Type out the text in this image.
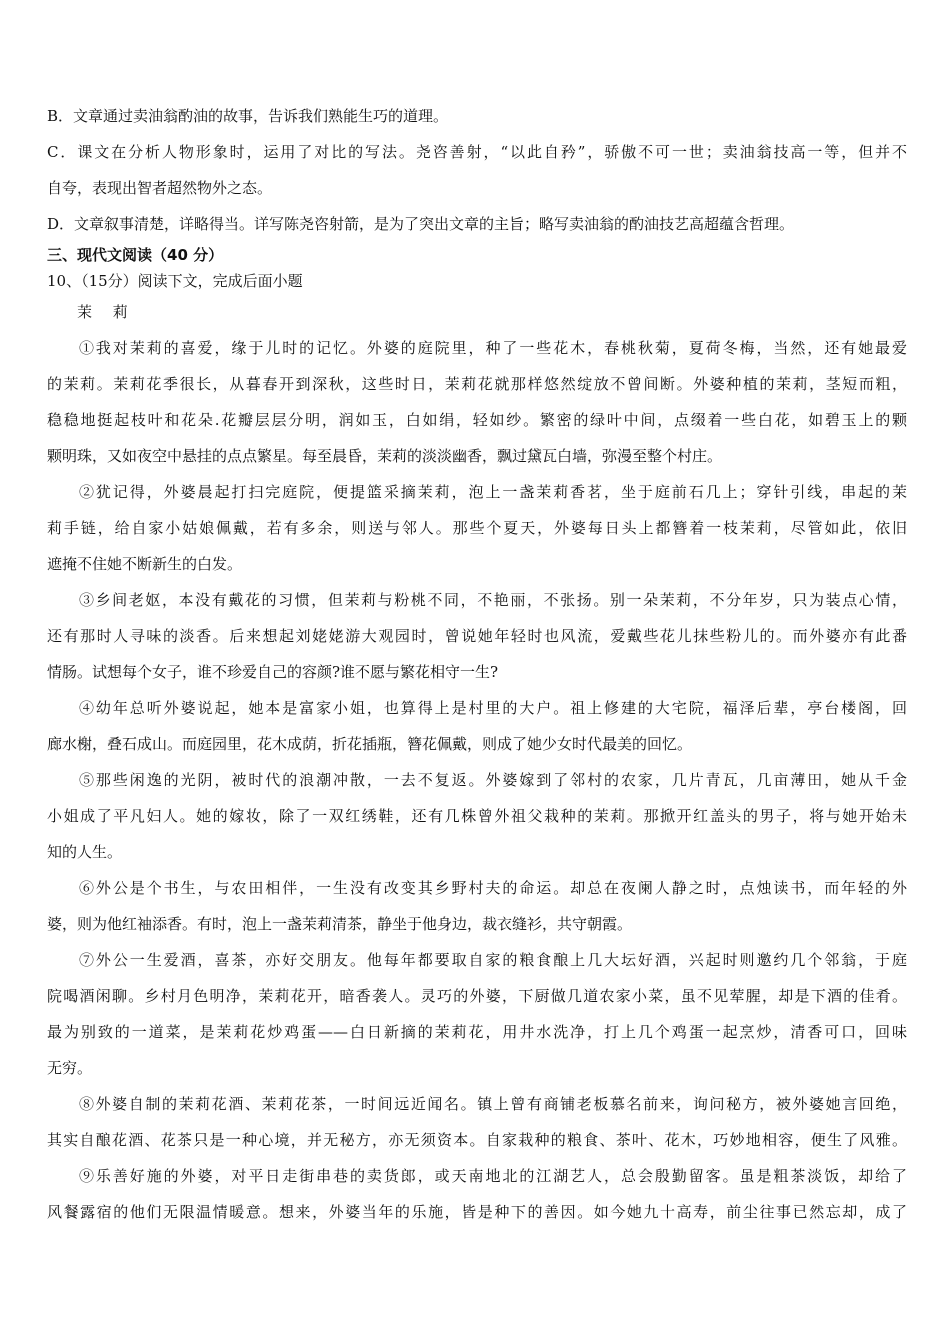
B．文章通过卖油翁酌油的故事，告诉我们熟能生巧的道理。
C．课文在分析人物形象时，运用了对比的写法。尧咨善射，“以此自矜”，骄傲不可一世；卖油翁技高一等，但并不
自夸，表现出智者超然物外之态。
D．文章叙事清楚，详略得当。详写陈尧咨射箭，是为了突出文章的主旨；略写卖油翁的酌油技艺高超蕴含哲理。
三、现代文阅读（40 分）
10、（15分）阅读下文，完成后面小题
茉 莉
①我对茉莉的喜爱，缘于儿时的记忆。外婆的庭院里，种了一些花木，春桃秋菊，夏荷冬梅，当然，还有她最爱
的茉莉。茉莉花季很长，从暮春开到深秋，这些时日，茉莉花就那样悠然绽放不曾间断。外婆种植的茉莉，茎短而粗，
稳稳地挺起枝叶和花朵.花瓣层层分明，润如玉，白如绢，轻如纱。繁密的绿叶中间，点缀着一些白花，如碧玉上的颗
颗明珠，又如夜空中悬挂的点点繁星。每至晨昏，茉莉的淡淡幽香，飘过黛瓦白墙，弥漫至整个村庄。
②犹记得，外婆晨起打扫完庭院，便提篮采摘茉莉，泡上一盏茉莉香茗，坐于庭前石几上；穿针引线，串起的茉
莉手链，给自家小姑娘佩戴，若有多余，则送与邻人。那些个夏天，外婆每日头上都簪着一枝茉莉，尽管如此，依旧
遮掩不住她不断新生的白发。
③乡间老妪，本没有戴花的习惯，但茉莉与粉桃不同，不艳丽，不张扬。别一朵茉莉，不分年岁，只为装点心情，
还有那时人寻味的淡香。后来想起刘姥姥游大观园时，曾说她年轻时也风流，爱戴些花儿抹些粉儿的。而外婆亦有此番
情肠。试想每个女子，谁不珍爱自己的容颜?谁不愿与繁花相守一生?
④幼年总听外婆说起，她本是富家小姐，也算得上是村里的大户。祖上修建的大宅院，福泽后辈，亭台楼阁，回
廊水榭，叠石成山。而庭园里，花木成荫，折花插瓶，簪花佩戴，则成了她少女时代最美的回忆。
⑤那些闲逸的光阴，被时代的浪潮冲散，一去不复返。外婆嫁到了邻村的农家，几片青瓦，几亩薄田，她从千金
小姐成了平凡妇人。她的嫁妆，除了一双红绣鞋，还有几株曾外祖父栽种的茉莉。那掀开红盖头的男子，将与她开始未
知的人生。
⑥外公是个书生，与农田相伴，一生没有改变其乡野村夫的命运。却总在夜阑人静之时，点烛读书，而年轻的外
婆，则为他红袖添香。有时，泡上一盏茉莉清茶，静坐于他身边，裁衣缝衫，共守朝霞。
⑦外公一生爱酒，喜茶，亦好交朋友。他每年都要取自家的粮食酿上几大坛好酒，兴起时则邀约几个邻翁，于庭
院喝酒闲聊。乡村月色明净，茉莉花开，暗香袭人。灵巧的外婆，下厨做几道农家小菜，虽不见荤腥，却是下酒的佳肴。
最为别致的一道菜，是茉莉花炒鸡蛋——白日新摘的茉莉花，用井水洗净，打上几个鸡蛋一起烹炒，清香可口，回味
无穷。
⑧外婆自制的茉莉花酒、茉莉花茶，一时间远近闻名。镇上曾有商铺老板慕名前来，询问秘方，被外婆她言回绝，
其实自酿花酒、花茶只是一种心境，并无秘方，亦无须资本。自家栽种的粮食、茶叶、花木，巧妙地相容，便生了风雅。
⑨乐善好施的外婆，对平日走街串巷的卖货郎，或天南地北的江湖艺人，总会殷勤留客。虽是粗茶淡饭，却给了
风餐露宿的他们无限温情暖意。想来，外婆当年的乐施，皆是种下的善因。如今她九十高寿，前尘往事已然忘却，成了
